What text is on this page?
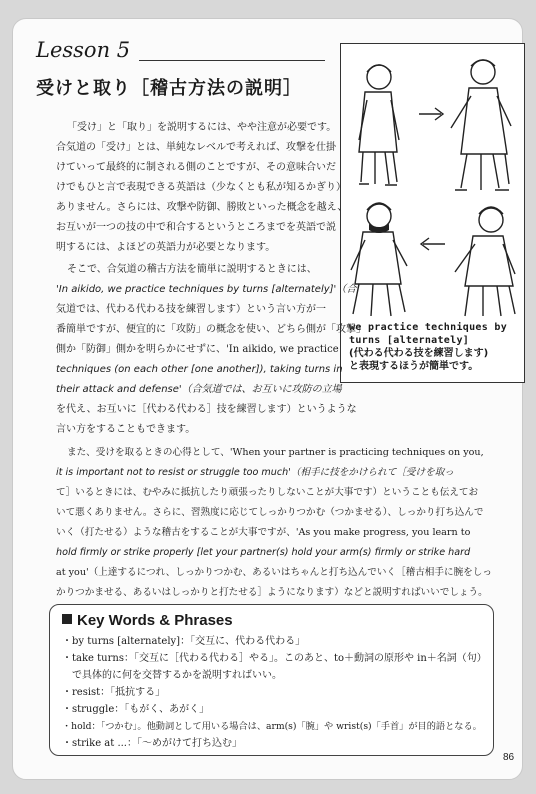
Lesson 5
受けと取り［稽古方法の説明］
we practice techniques by turns [alternately]
(代わる代わる技を練習します)
と表現するほうが簡単です。
「受け」と「取り」を説明するには、やや注意が必要です。
合気道の「受け」とは、単純なレベルで考えれば、攻撃を仕掛
けていって最終的に制される側のことですが、その意味合いだ
けでもひと言で表現できる英語は（少なくとも私が知るかぎり）
ありません。さらには、攻撃や防御、勝敗といった概念を越え、
お互いが一つの技の中で和合するというところまでを英語で説
明するには、よほどの英語力が必要となります。
そこで、合気道の稽古方法を簡単に説明するときには、
'In aikido, we practice techniques by turns [alternately]'（合
気道では、代わる代わる技を練習します）という言い方が一
番簡単ですが、便宜的に「攻防」の概念を使い、どちら側が「攻撃」
側か「防御」側かを明らかにせずに、'In aikido, we practice
techniques (on each other [one another]), taking turns in
their attack and defense'（合気道では、お互いに攻防の立場
を代え、お互いに［代わる代わる］技を練習します）というような
言い方をすることもできます。
また、受けを取るときの心得として、'When your partner is practicing techniques on you,
it is important not to resist or struggle too much'（相手に技をかけられて［受けを取っ
て］いるときには、むやみに抵抗したり頑張ったりしないことが大事です）ということも伝えてお
いて悪くありません。さらに、習熟度に応じてしっかりつかむ（つかませる）、しっかり打ち込んで
いく（打たせる）ような稽古をすることが大事ですが、'As you make progress, you learn to
hold firmly or strike properly [let your partner(s) hold your arm(s) firmly or strike hard
at you'（上達するにつれ、しっかりつかむ、あるいはちゃんと打ち込んでいく［稽古相手に腕をしっ
かりつかませる、あるいはしっかりと打たせる］ようになります）などと説明すればいいでしょう。
Key Words & Phrases
・by turns [alternately]：「交互に、代わる代わる」
・take turns：「交互に［代わる代わる］やる」。このあと、to＋動詞の原形や in＋名詞（句）
で具体的に何を交替するかを説明すればいい。
・resist：「抵抗する」
・struggle：「もがく、あがく」
・hold：「つかむ」。他動詞として用いる場合は、arm(s)「腕」や wrist(s)「手首」が目的語となる。
・strike at ...：「〜めがけて打ち込む」
86
